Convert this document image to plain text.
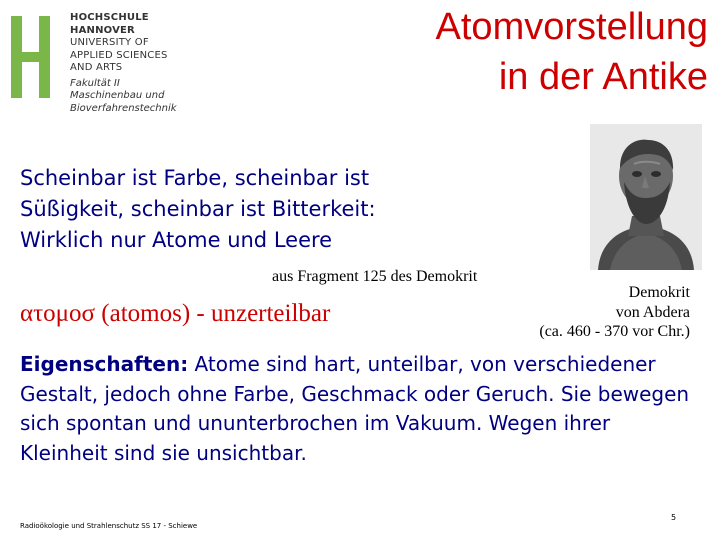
HOCHSCHULE
HANNOVER
UNIVERSITY OF
APPLIED SCIENCES
AND ARTS
Fakultät II
Maschinenbau und
Bioverfahrenstechnik
Atomvorstellung
in der Antike
Scheinbar ist Farbe, scheinbar ist
Süßigkeit, scheinbar ist Bitterkeit:
Wirklich nur Atome und Leere
aus Fragment 125 des Demokrit
ατομοσ (atomos) - unzerteilbar
Demokrit
von Abdera
(ca. 460 - 370 vor Chr.)
Eigenschaften: Atome sind hart, unteilbar, von verschiedener Gestalt, jedoch ohne Farbe, Geschmack oder Geruch. Sie bewegen sich spontan und ununterbrochen im Vakuum. Wegen ihrer Kleinheit sind sie unsichtbar.
Radioökologie und Strahlenschutz SS 17 - Schiewe
5
